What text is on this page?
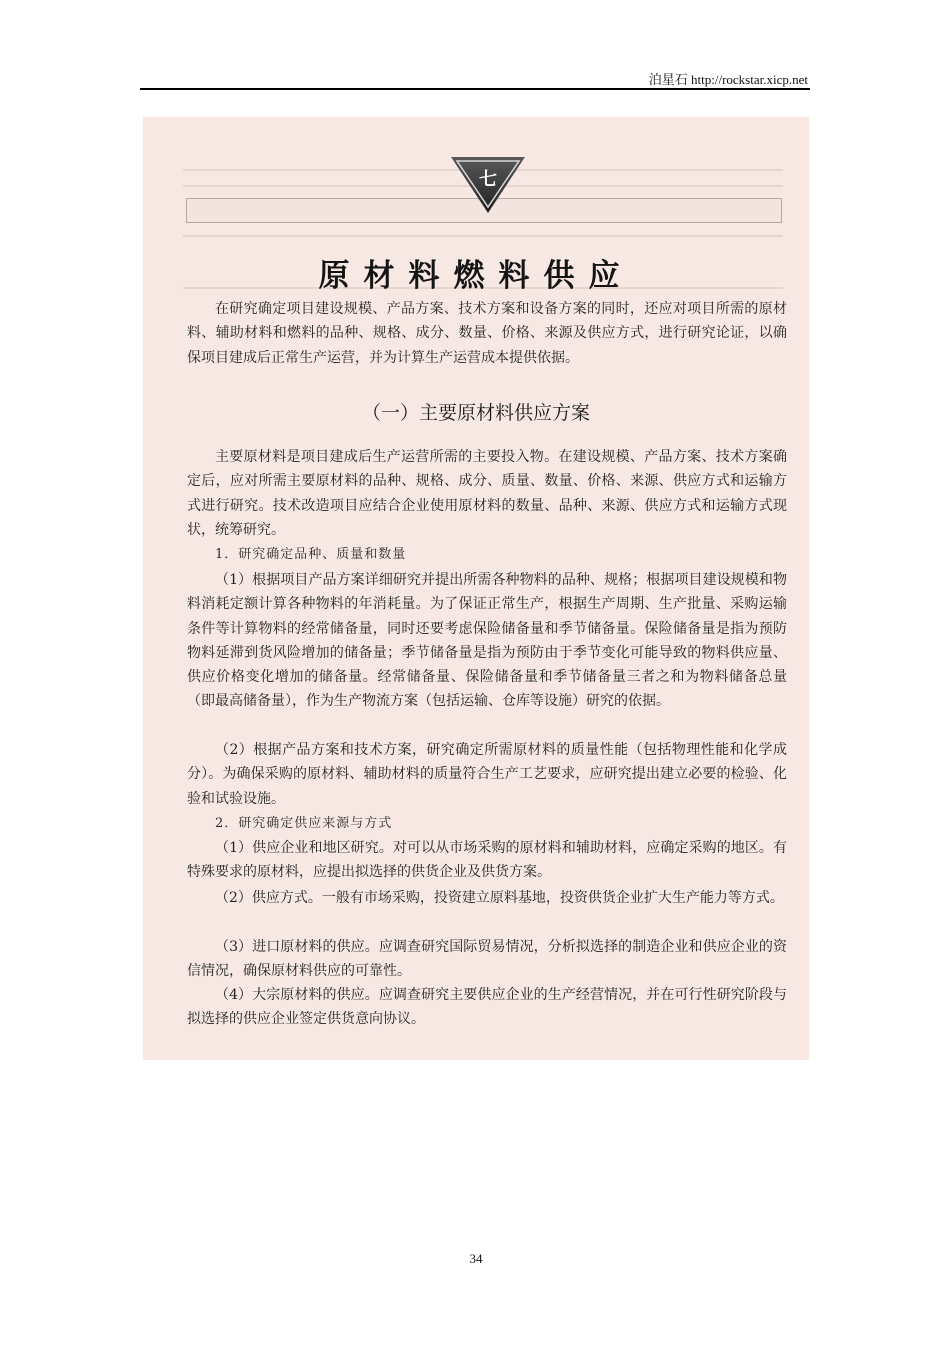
泊星石 http://rockstar.xicp.net
七
原材料燃料供应

在研究确定项目建设规模、产品方案、技术方案和设备方案的同时，还应对项目所需的原材料、辅助材料和燃料的品种、规格、成分、数量、价格、来源及供应方式，进行研究论证，以确保项目建成后正常生产运营，并为计算生产运营成本提供依据。

（一）主要原材料供应方案

主要原材料是项目建成后生产运营所需的主要投入物。在建设规模、产品方案、技术方案确定后，应对所需主要原材料的品种、规格、成分、质量、数量、价格、来源、供应方式和运输方式进行研究。技术改造项目应结合企业使用原材料的数量、品种、来源、供应方式和运输方式现状，统筹研究。

1．研究确定品种、质量和数量

（1）根据项目产品方案详细研究并提出所需各种物料的品种、规格；根据项目建设规模和物料消耗定额计算各种物料的年消耗量。为了保证正常生产，根据生产周期、生产批量、采购运输条件等计算物料的经常储备量，同时还要考虑保险储备量和季节储备量。保险储备量是指为预防物料延滞到货风险增加的储备量；季节储备量是指为预防由于季节变化可能导致的物料供应量、供应价格变化增加的储备量。经常储备量、保险储备量和季节储备量三者之和为物料储备总量（即最高储备量），作为生产物流方案（包括运输、仓库等设施）研究的依据。

（2）根据产品方案和技术方案，研究确定所需原材料的质量性能（包括物理性能和化学成分）。为确保采购的原材料、辅助材料的质量符合生产工艺要求，应研究提出建立必要的检验、化验和试验设施。

2．研究确定供应来源与方式

（1）供应企业和地区研究。对可以从市场采购的原材料和辅助材料，应确定采购的地区。有特殊要求的原材料，应提出拟选择的供货企业及供货方案。

（2）供应方式。一般有市场采购，投资建立原料基地，投资供货企业扩大生产能力等方式。

（3）进口原材料的供应。应调查研究国际贸易情况，分析拟选择的制造企业和供应企业的资信情况，确保原材料供应的可靠性。

（4）大宗原材料的供应。应调查研究主要供应企业的生产经营情况，并在可行性研究阶段与拟选择的供应企业签定供货意向协议。

34
